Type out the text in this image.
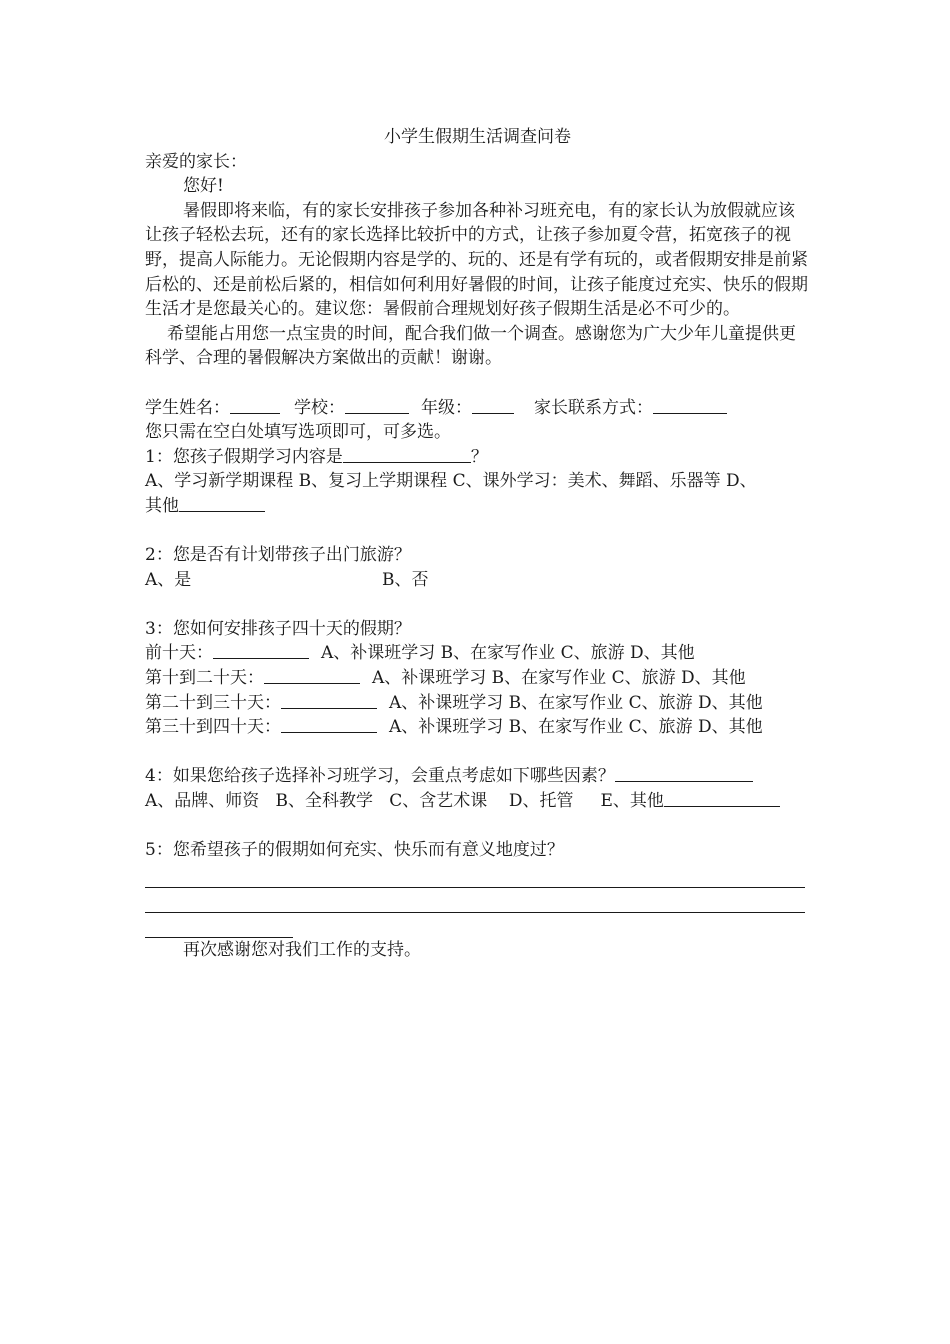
小学生假期生活调查问卷

亲爱的家长：

您好!

暑假即将来临，有的家长安排孩子参加各种补习班充电，有的家长认为放假就应该让孩子轻松去玩，还有的家长选择比较折中的方式，让孩子参加夏令营，拓宽孩子的视野，提高人际能力。无论假期内容是学的、玩的、还是有学有玩的，或者假期安排是前紧后松的、还是前松后紧的，相信如何利用好暑假的时间，让孩子能度过充实、快乐的假期生活才是您最关心的。建议您：暑假前合理规划好孩子假期生活是必不可少的。

希望能占用您一点宝贵的时间，配合我们做一个调查。感谢您为广大少年儿童提供更科学、合理的暑假解决方案做出的贡献！谢谢。

学生姓名：	学校：	年级：	家长联系方式：

您只需在空白处填写选项即可，可多选。

1：您孩子假期学习内容是	？

A、学习新学期课程 B、复习上学期课程 C、课外学习：美术、舞蹈、乐器等 D、

其他

2：您是否有计划带孩子出门旅游？

A、是	B、否

3：您如何安排孩子四十天的假期？

前十天：	A、补课班学习 B、在家写作业 C、旅游 D、其他
第十到二十天：	A、补课班学习 B、在家写作业 C、旅游 D、其他
第二十到三十天：	A、补课班学习 B、在家写作业 C、旅游 D、其他
第三十到四十天：	A、补课班学习 B、在家写作业 C、旅游 D、其他
4：如果您给孩子选择补习班学习，会重点考虑如下哪些因素？
A、品牌、师资   B、全科教学   C、含艺术课    D、托管     E、其他

5：您希望孩子的假期如何充实、快乐而有意义地度过？

再次感谢您对我们工作的支持。
